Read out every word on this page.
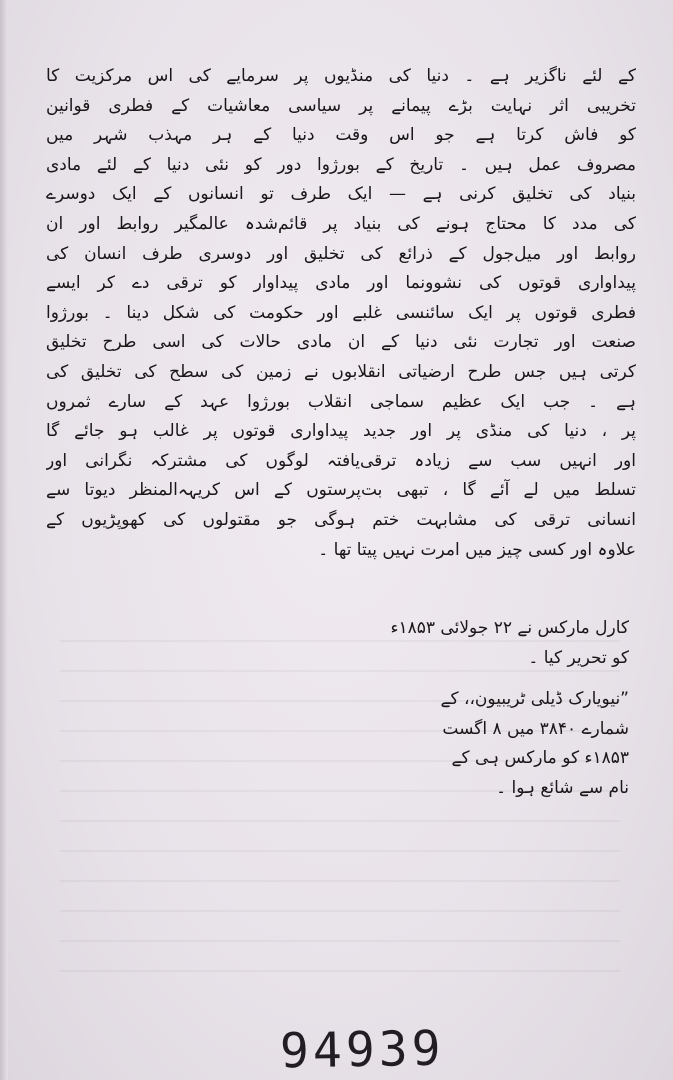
کے لئے ناگزیر ہے ۔ دنیا کی منڈیوں پر سرمایے کی اس مرکزیت کا
تخریبی اثر نہایت بڑے پیمانے پر سیاسی معاشیات کے فطری قوانین
کو فاش کرتا ہے جو اس وقت دنیا کے ہر مہذب شہر میں
مصروف عمل ہیں ۔ تاریخ کے بورژوا دور کو نئی دنیا کے لئے مادی
بنیاد کی تخلیق کرنی ہے — ایک طرف تو انسانوں کے ایک دوسرے
کی مدد کا محتاج ہونے کی بنیاد پر قائم‌شدہ عالمگیر روابط اور ان
روابط اور میل‌جول کے ذرائع کی تخلیق اور دوسری طرف انسان کی
پیداواری قوتوں کی نشوونما اور مادی پیداوار کو ترقی دے کر ایسے
فطری قوتوں پر ایک سائنسی غلبے اور حکومت کی شکل دینا ۔ بورژوا
صنعت اور تجارت نئی دنیا کے ان مادی حالات کی اسی طرح تخلیق
کرتی ہیں جس طرح ارضیاتی انقلابوں نے زمین کی سطح کی تخلیق کی
ہے ۔ جب ایک عظیم سماجی انقلاب بورژوا عہد کے سارے ثمروں
پر ، دنیا کی منڈی پر اور جدید پیداواری قوتوں پر غالب ہو جائے گا
اور انہیں سب سے زیادہ ترقی‌یافتہ لوگوں کی مشترکہ نگرانی اور
تسلط میں لے آئے گا ، تبھی بت‌پرستوں کے اس کریہہ‌المنظر دیوتا سے
انسانی ترقی کی مشابہت ختم ہوگی جو مقتولوں کی کھوپڑیوں کے
علاوہ اور کسی چیز میں امرت نہیں پیتا تھا ۔
کارل مارکس نے ۲۲ جولائی ۱۸۵۳ء
کو تحریر کیا ۔
”نیویارک ڈیلی ٹریبیون،، کے
شمارے ۳۸۴۰ میں ۸ اگست
۱۸۵۳ء کو مارکس ہی کے
نام سے شائع ہوا ۔
94939
